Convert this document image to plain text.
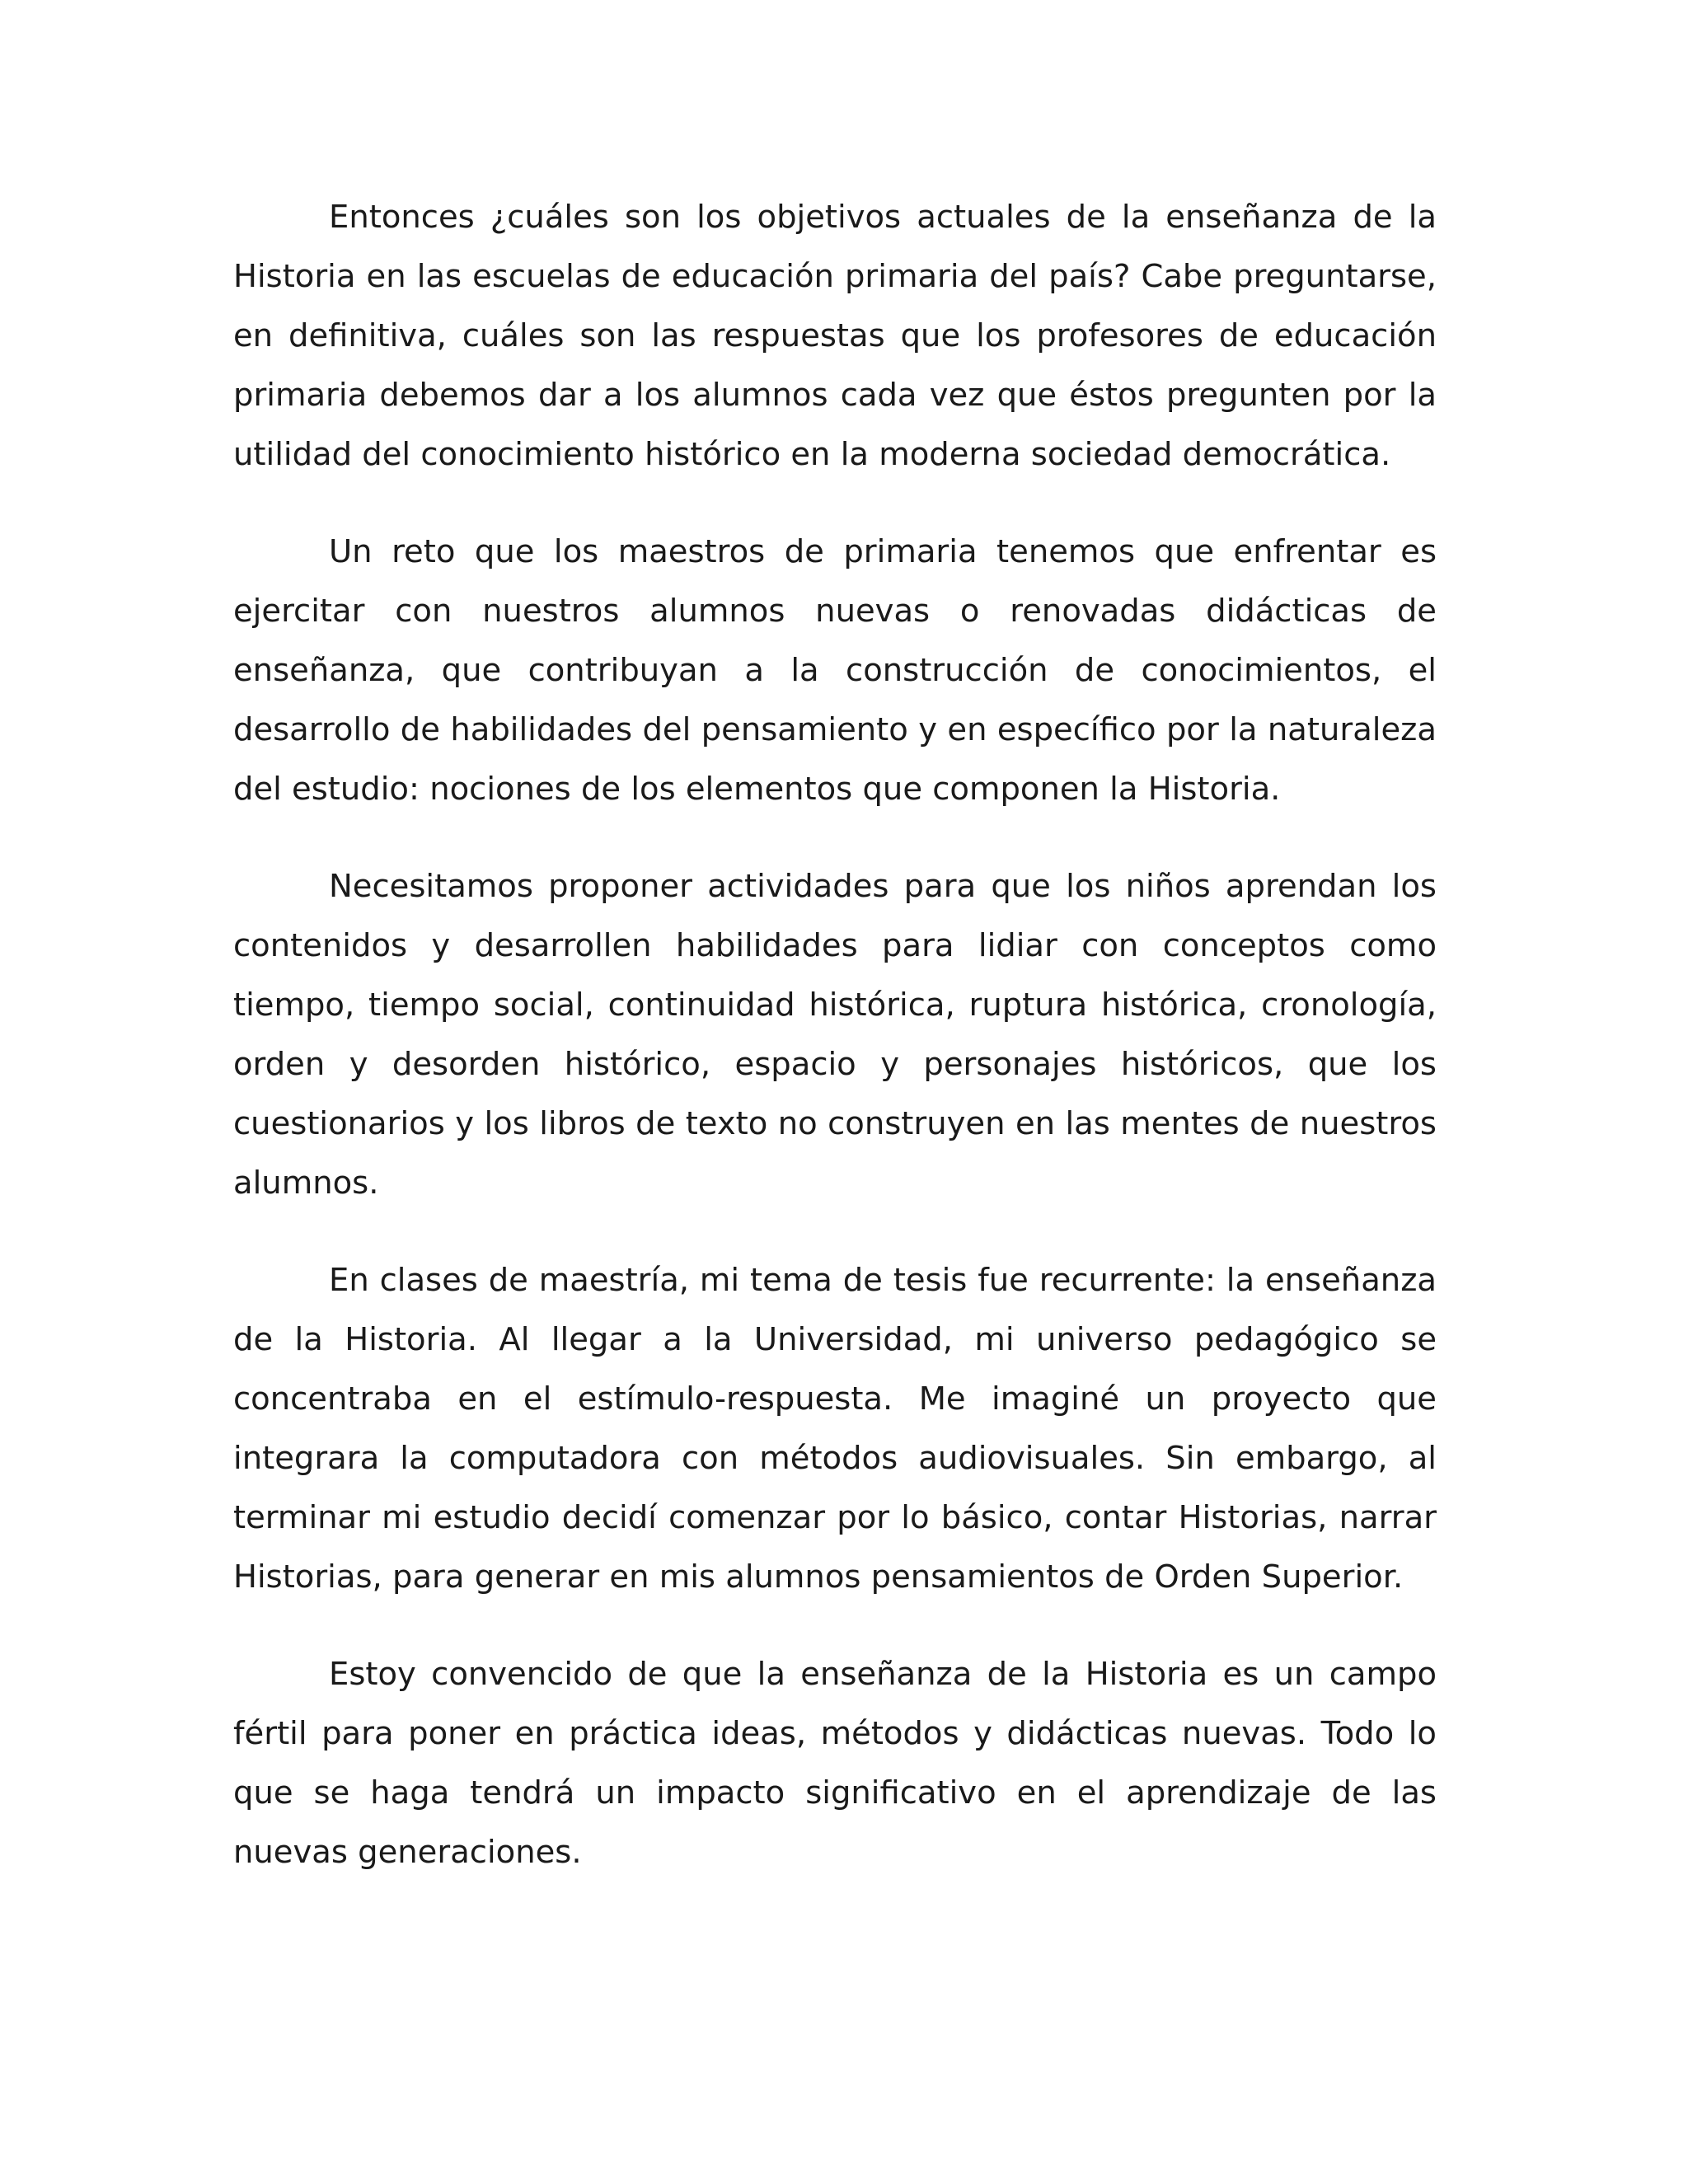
Entonces ¿cuáles son los objetivos actuales de la enseñanza de la Historia en las escuelas de educación primaria del país? Cabe preguntarse, en definitiva, cuáles son las respuestas que los profesores de educación primaria debemos dar a los alumnos cada vez que éstos pregunten por la utilidad del conocimiento histórico en la moderna sociedad democrática.

Un reto que los maestros de primaria tenemos que enfrentar es ejercitar con nuestros alumnos nuevas o renovadas didácticas de enseñanza, que contribuyan a la construcción de conocimientos, el desarrollo de habilidades del pensamiento y en específico por la naturaleza del estudio: nociones de los elementos que componen la Historia.

Necesitamos proponer actividades para que los niños aprendan los contenidos y desarrollen habilidades para lidiar con conceptos como tiempo, tiempo social, continuidad histórica, ruptura histórica, cronología, orden y desorden histórico, espacio y personajes históricos, que los cuestionarios y los libros de texto no construyen en las mentes de nuestros alumnos.

En clases de maestría, mi tema de tesis fue recurrente: la enseñanza de la Historia. Al llegar a la Universidad, mi universo pedagógico se concentraba en el estímulo-respuesta. Me imaginé un proyecto que integrara la computadora con métodos audiovisuales. Sin embargo, al terminar mi estudio decidí comenzar por lo básico, contar Historias, narrar Historias, para generar en mis alumnos pensamientos de Orden Superior.

Estoy convencido de que la enseñanza de la Historia es un campo fértil para poner en práctica ideas, métodos y didácticas nuevas. Todo lo que se haga tendrá un impacto significativo en el aprendizaje de las nuevas generaciones.
